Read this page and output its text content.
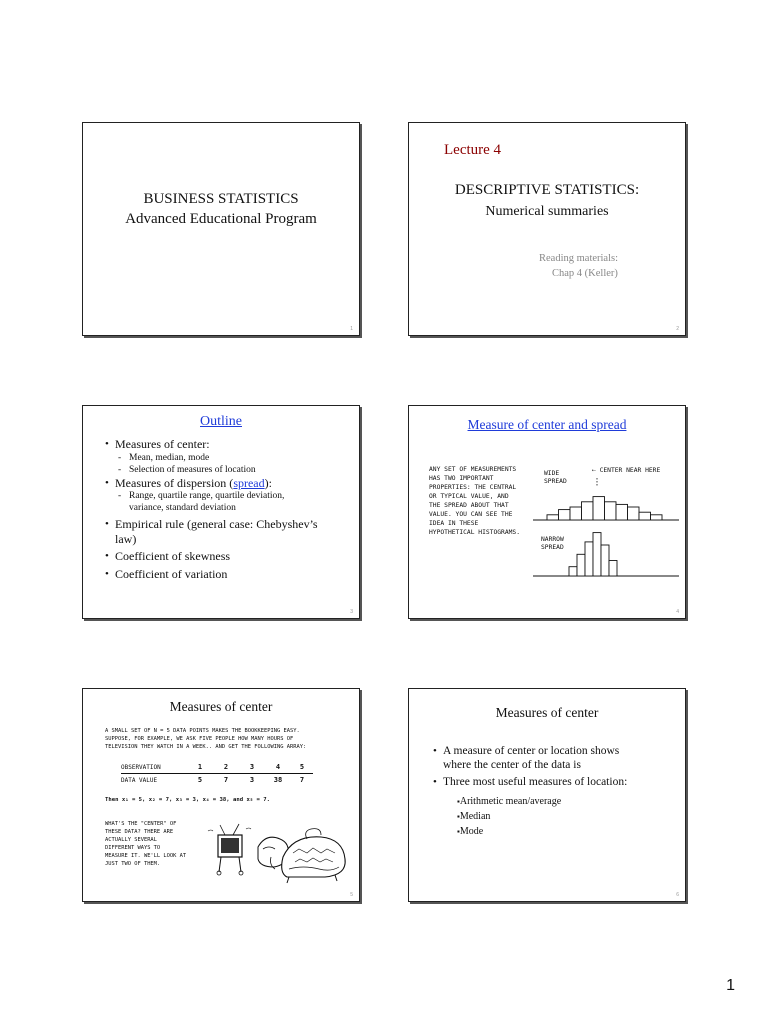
BUSINESS STATISTICS
Advanced Educational Program
1
Lecture 4
DESCRIPTIVE STATISTICS:
Numerical summaries
Reading materials:
Chap 4 (Keller)
2
Outline
• Measures of center:
- Mean, median, mode
- Selection of measures of location
• Measures of dispersion (spread):
- Range, quartile range, quartile deviation,
variance, standard deviation
• Empirical rule (general case: Chebyshev’s
law)
• Coefficient of skewness
• Coefficient of variation
3
Measure of center and spread
ANY SET OF MEASUREMENTS
HAS TWO IMPORTANT
PROPERTIES: THE CENTRAL
OR TYPICAL VALUE, AND
THE SPREAD ABOUT THAT
VALUE. YOU CAN SEE THE
IDEA IN THESE
HYPOTHETICAL HISTOGRAMS.
WIDE
SPREAD
⇠ CENTER NEAR HERE
NARROW
SPREAD
4
Measures of center
A SMALL SET OF N = 5 DATA POINTS MAKES THE BOOKKEEPING EASY.
SUPPOSE, FOR EXAMPLE, WE ASK FIVE PEOPLE HOW MANY HOURS OF
TELEVISION THEY WATCH IN A WEEK.. AND GET THE FOLLOWING ARRAY:
OBSERVATION	1	2	3	4	5
DATA VALUE	5	7	3	38	7
Then x₁ = 5, x₂ = 7, x₃ = 3, x₄ = 38, and x₅ = 7.
WHAT'S THE "CENTER" OF
THESE DATA? THERE ARE
ACTUALLY SEVERAL
DIFFERENT WAYS TO
MEASURE IT. WE'LL LOOK AT
JUST TWO OF THEM.
5
Measures of center
• A measure of center or location shows
where the center of the data is
• Three most useful measures of location:
▪ Arithmetic mean/average
▪ Median
▪ Mode
6
1
